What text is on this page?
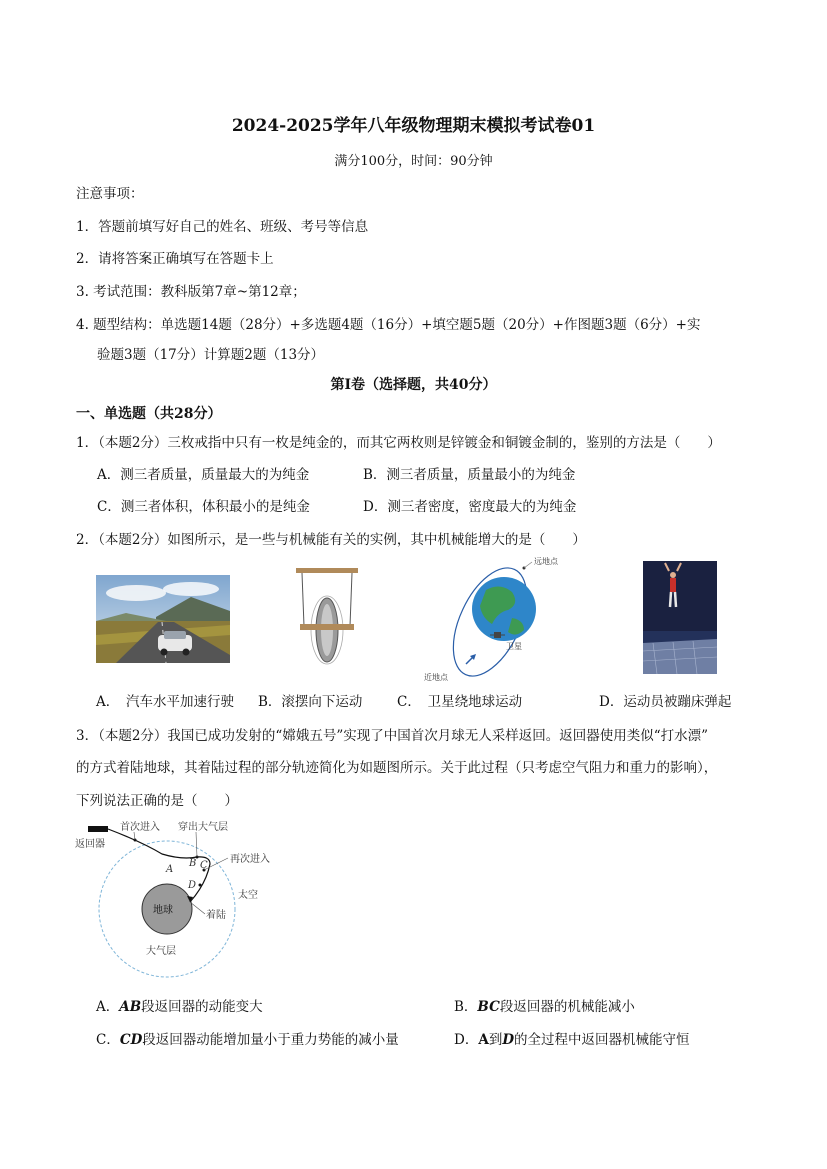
2024-2025学年八年级物理期末模拟考试卷01
满分100分，时间：90分钟
注意事项：
1．答题前填写好自己的姓名、班级、考号等信息
2．请将答案正确填写在答题卡上
3. 考试范围：教科版第7章~第12章；
4. 题型结构：单选题14题（28分）+多选题4题（16分）+填空题5题（20分）+作图题3题（6分）+实
验题3题（17分）计算题2题（13分）
第Ⅰ卷（选择题，共40分）
一、单选题（共28分）
1．（本题2分）三枚戒指中只有一枚是纯金的，而其它两枚则是锌镀金和铜镀金制的，鉴别的方法是（　　）
A．测三者质量，质量最大的为纯金	B．测三者质量，质量最小的为纯金
C．测三者体积，体积最小的是纯金	D．测三者密度，密度最大的为纯金
2．（本题2分）如图所示，是一些与机械能有关的实例，其中机械能增大的是（　　）
远地点
卫星
近地点
A．　汽车水平加速行驶 B．滚摆向下运动	C．　卫星绕地球运动	D．运动员被蹦床弹起
3．（本题2分）我国已成功发射的“嫦娥五号”实现了中国首次月球无人采样返回。返回器使用类似“打水漂”
的方式着陆地球，其着陆过程的部分轨迹简化为如题图所示。关于此过程（只考虑空气阻力和重力的影响），
下列说法正确的是（　　）
首次进入 穿出大气层
返回器
再次进入
A
B C
D
太空
地球	着陆
大气层
A．AB段返回器的动能变大	B．BC段返回器的机械能减小
C．CD段返回器动能增加量小于重力势能的减小量	D．A到D的全过程中返回器机械能守恒
